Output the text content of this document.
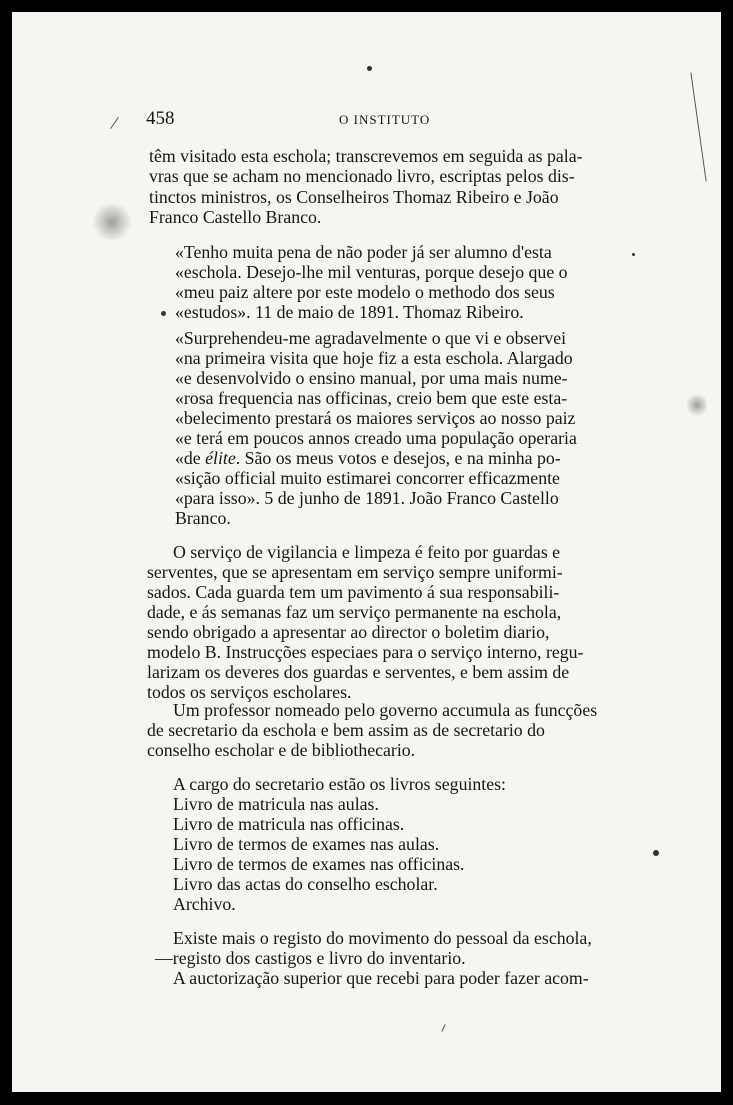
458	O INSTITUTO
têm visitado esta eschola; transcrevemos em seguida as pala-
vras que se acham no mencionado livro, escriptas pelos dis-
tinctos ministros, os Conselheiros Thomaz Ribeiro e João
Franco Castello Branco.
«Tenho muita pena de não poder já ser alumno d'esta
«eschola. Desejo-lhe mil venturas, porque desejo que o
«meu paiz altere por este modelo o methodo dos seus
«estudos». 11 de maio de 1891. Thomaz Ribeiro.
«Surprehendeu-me agradavelmente o que vi e observei
«na primeira visita que hoje fiz a esta eschola. Alargado
«e desenvolvido o ensino manual, por uma mais nume-
«rosa frequencia nas officinas, creio bem que este esta-
«belecimento prestará os maiores serviços ao nosso paiz
«e terá em poucos annos creado uma população operaria
«de élite. São os meus votos e desejos, e na minha po-
«sição official muito estimarei concorrer efficazmente
«para isso». 5 de junho de 1891. João Franco Castello
Branco.
O serviço de vigilancia e limpeza é feito por guardas e
serventes, que se apresentam em serviço sempre uniformi-
sados. Cada guarda tem um pavimento á sua responsabili-
dade, e ás semanas faz um serviço permanente na eschola,
sendo obrigado a apresentar ao director o boletim diario,
modelo B. Instrucções especiaes para o serviço interno, regu-
larizam os deveres dos guardas e serventes, e bem assim de
todos os serviços escholares.
Um professor nomeado pelo governo accumula as funcções
de secretario da eschola e bem assim as de secretario do
conselho escholar e de bibliothecario.
A cargo do secretario estão os livros seguintes:
Livro de matricula nas aulas.
Livro de matricula nas officinas.
Livro de termos de exames nas aulas.
Livro de termos de exames nas officinas.
Livro das actas do conselho escholar.
Archivo.
Existe mais o registo do movimento do pessoal da eschola,
—registo dos castigos e livro do inventario.
A auctorização superior que recebi para poder fazer acom-
